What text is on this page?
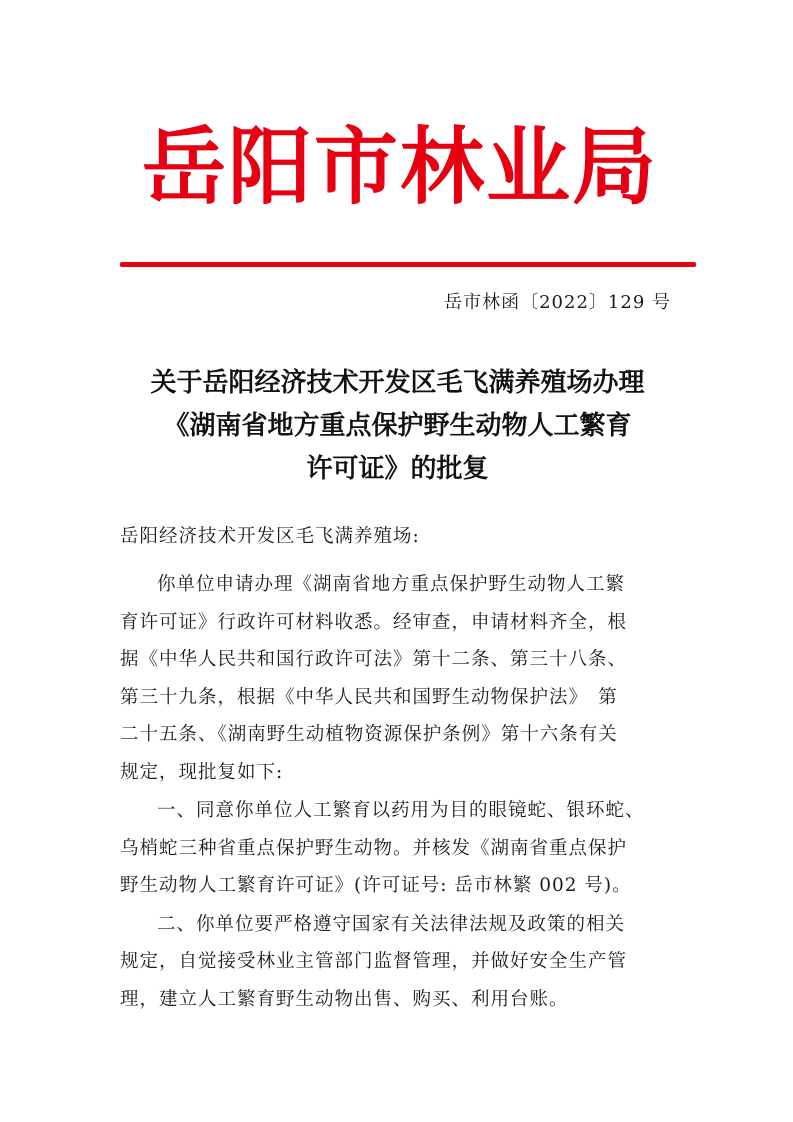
岳阳市林业局
岳市林函〔2022〕129 号
关于岳阳经济技术开发区毛飞满养殖场办理
《湖南省地方重点保护野生动物人工繁育
许可证》的批复
岳阳经济技术开发区毛飞满养殖场:

你单位申请办理《湖南省地方重点保护野生动物人工繁
育许可证》行政许可材料收悉。经审查，申请材料齐全，根
据《中华人民共和国行政许可法》第十二条、第三十八条、
第三十九条，根据《中华人民共和国野生动物保护法》　第
二十五条、《湖南野生动植物资源保护条例》第十六条有关
规定，现批复如下:

一、同意你单位人工繁育以药用为目的眼镜蛇、银环蛇、
乌梢蛇三种省重点保护野生动物。并核发《湖南省重点保护
野生动物人工繁育许可证》(许可证号: 岳市林繁 002 号)。

二、你单位要严格遵守国家有关法律法规及政策的相关
规定，自觉接受林业主管部门监督管理，并做好安全生产管
理，建立人工繁育野生动物出售、购买、利用台账。
